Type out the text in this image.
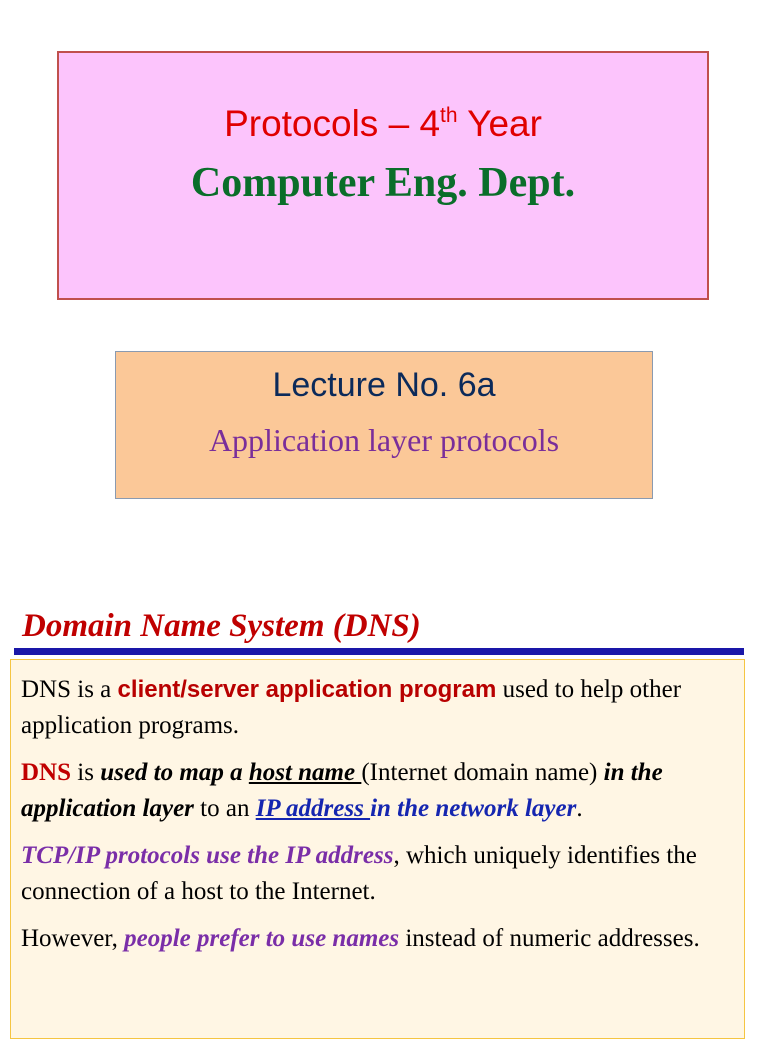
Protocols – 4th Year
Computer Eng. Dept.
Lecture No. 6a
Application layer protocols
Domain Name System (DNS)

DNS is a client/server application program used to help other application programs.

DNS is used to map a host name (Internet domain name) in the application layer to an IP address in the network layer.

TCP/IP protocols use the IP address, which uniquely identifies the connection of a host to the Internet.

However, people prefer to use names instead of numeric addresses.
